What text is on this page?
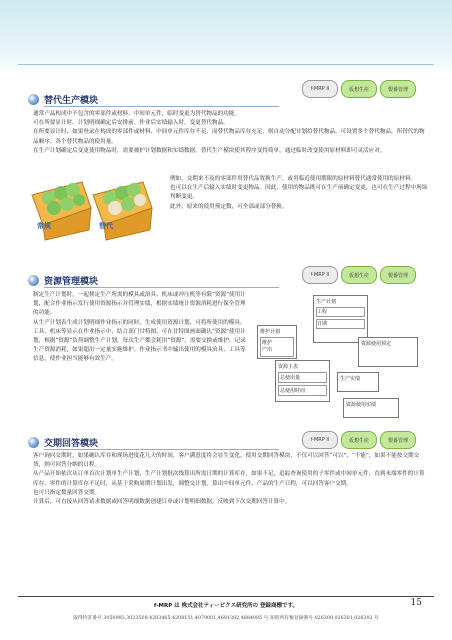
替代生产模块
f-MRP II	仮想生産	製番管理

通常产品构成中不包含的零部件或材料、中间单元件，临时变更为替代物品的功能。

可在所要显计时、计划明细确定后安排前、作业后实绩输入时，变更替代物品。

在所要显计时，如果登录在构成的零部件或材料、中间单元件库存不足，而替代物品库存充足，则自动分配计划给替代物品，可设置多个替代物品，所替代的物品顺序、各个替代物品的使用量。

在生产计划确定后变更使用物品时，需要被护计划数据和实绩数据。替代生产模块使其程序变得简单，通过临时改变使用原材料即可灵活应对。

常规	替代

例如，交期来不及的零部件用替代品置换生产，或用临近使用期限的原材料替代通常使用的原材料。

也可以在生产后输入实绩时变更物品。因此，使用的物品既可在生产前确定变更，也可在生产过程中现场判断变更。

此外，原来的使用预定数，可全部或部分替换。

资源管理模块
f-MRP II	仮想生産	製番管理

制定生产计划时，一起排定生产所需的模具或治具、机床或冲压机等有限“资源”使用计划，配合作业指示发行使用资源指示并管理实绩，根据实绩统计资源消耗进行保全管理的功能。

从生产计划表生成计划明细作业指示的同时，生成使用资源计划，可将所使用的模具、工具、机床等显示在作业指示中，结合部门甘特图，可在甘特图画面确认“资源”使用计划，根据“资源”负荷调整生产计划，每次生产都会耗用“资源”，需要交换或维护。记录生产资源消耗，如果超出一定量实施维护。作业指示书中输出使用的模具治具、工具等信息，使作业担当能够有效生产。

维护计划
维护
产出
生产计划
工程
日期
资源使用预定
资源主表
总使用量
总使用时间
生产实绩
资源使用实绩
交期回答模块	f-MRP II	仮想生産	製番管理

客户询问交期时，如果确认库存和现场进度花几天的时间，客户满意度将会显生变化。使用交期回答模块，不仅可以回答“可以”、“不能”，如果不能按交期交货，则可回答分纳的日程。

从产品开始依次从订单首次计划单生产计划、生产计划批次线算出所需日期的计算库存，如果不足，追踪查询使用的子零件或中间单元件，直到末端零件的计算库存。零件的计算库存不足时，从基于采购周期计划出发，调整交计划，算出中间单元件、产品的生产日程，可以回答客户交期。

也可只指定数量回答交期。

计算后，可直接从回答请求数据或回答明细数据创建订单或计划明细数据，反映到下次交期回答计算中。

f-MRP は 株式会社ティーピクス研究所の 登録商標です。	15
取得特許番号 3050993,3023509,4203465,4208151,4079001,4691382,4884085 号 知的所有権登録番号 026300,026301,026302 号
